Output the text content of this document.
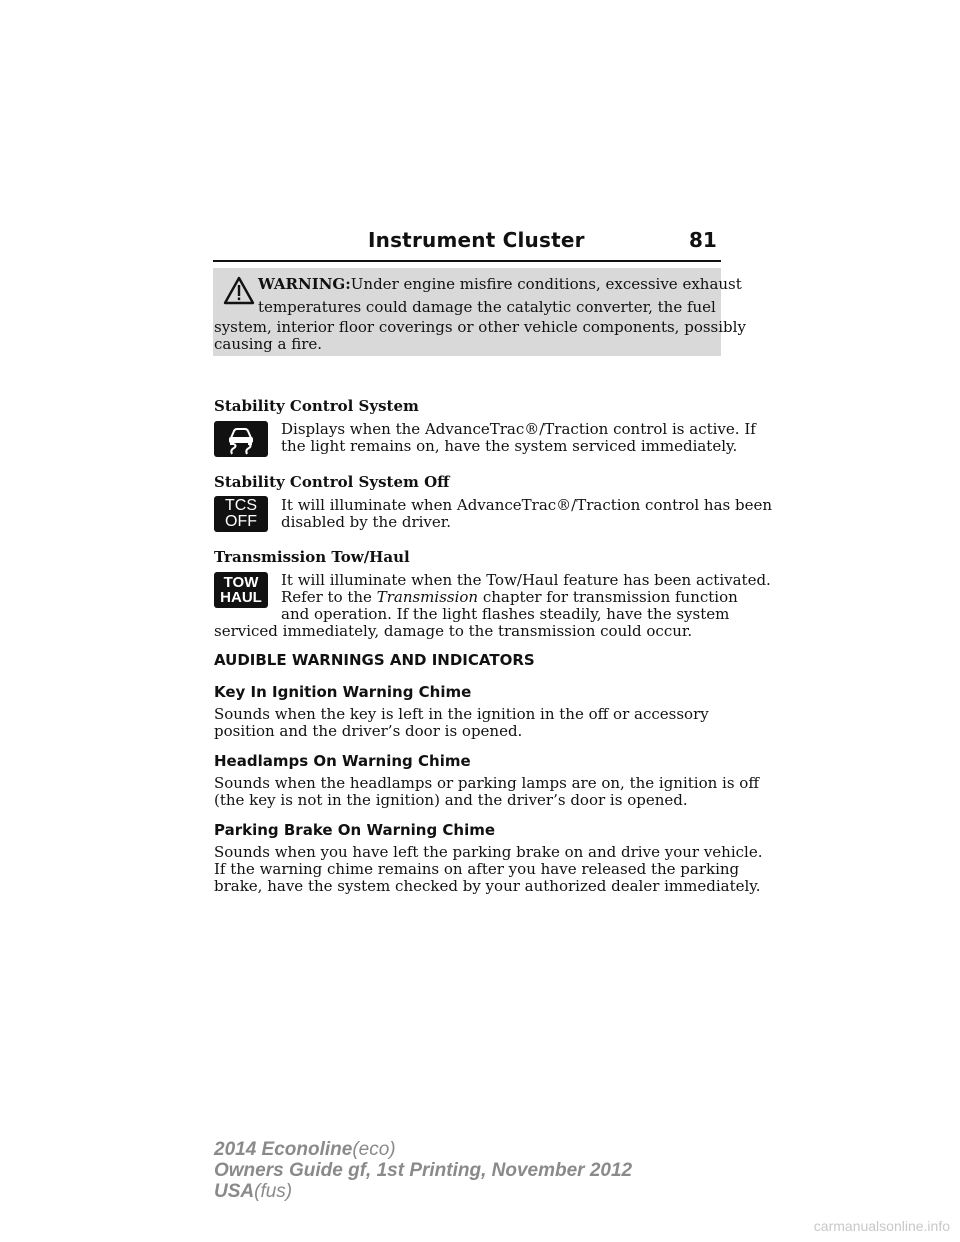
Instrument Cluster	81
WARNING:Under engine misfire conditions, excessive exhaust
temperatures could damage the catalytic converter, the fuel
system, interior floor coverings or other vehicle components, possibly
causing a fire.
Stability Control System
Displays when the AdvanceTrac®/Traction control is active. If
the light remains on, have the system serviced immediately.
Stability Control System Off
TCS
OFF
It will illuminate when AdvanceTrac®/Traction control has been
disabled by the driver.
Transmission Tow/Haul
TOW
HAUL
It will illuminate when the Tow/Haul feature has been activated.
Refer to the Transmission chapter for transmission function
and operation. If the light flashes steadily, have the system
serviced immediately, damage to the transmission could occur.
AUDIBLE WARNINGS AND INDICATORS
Key In Ignition Warning Chime
Sounds when the key is left in the ignition in the off or accessory
position and the driver’s door is opened.
Headlamps On Warning Chime
Sounds when the headlamps or parking lamps are on, the ignition is off
(the key is not in the ignition) and the driver’s door is opened.
Parking Brake On Warning Chime
Sounds when you have left the parking brake on and drive your vehicle.
If the warning chime remains on after you have released the parking
brake, have the system checked by your authorized dealer immediately.
2014 Econoline(eco)
Owners Guide gf, 1st Printing, November 2012
USA(fus)
carmanualsonline.info
